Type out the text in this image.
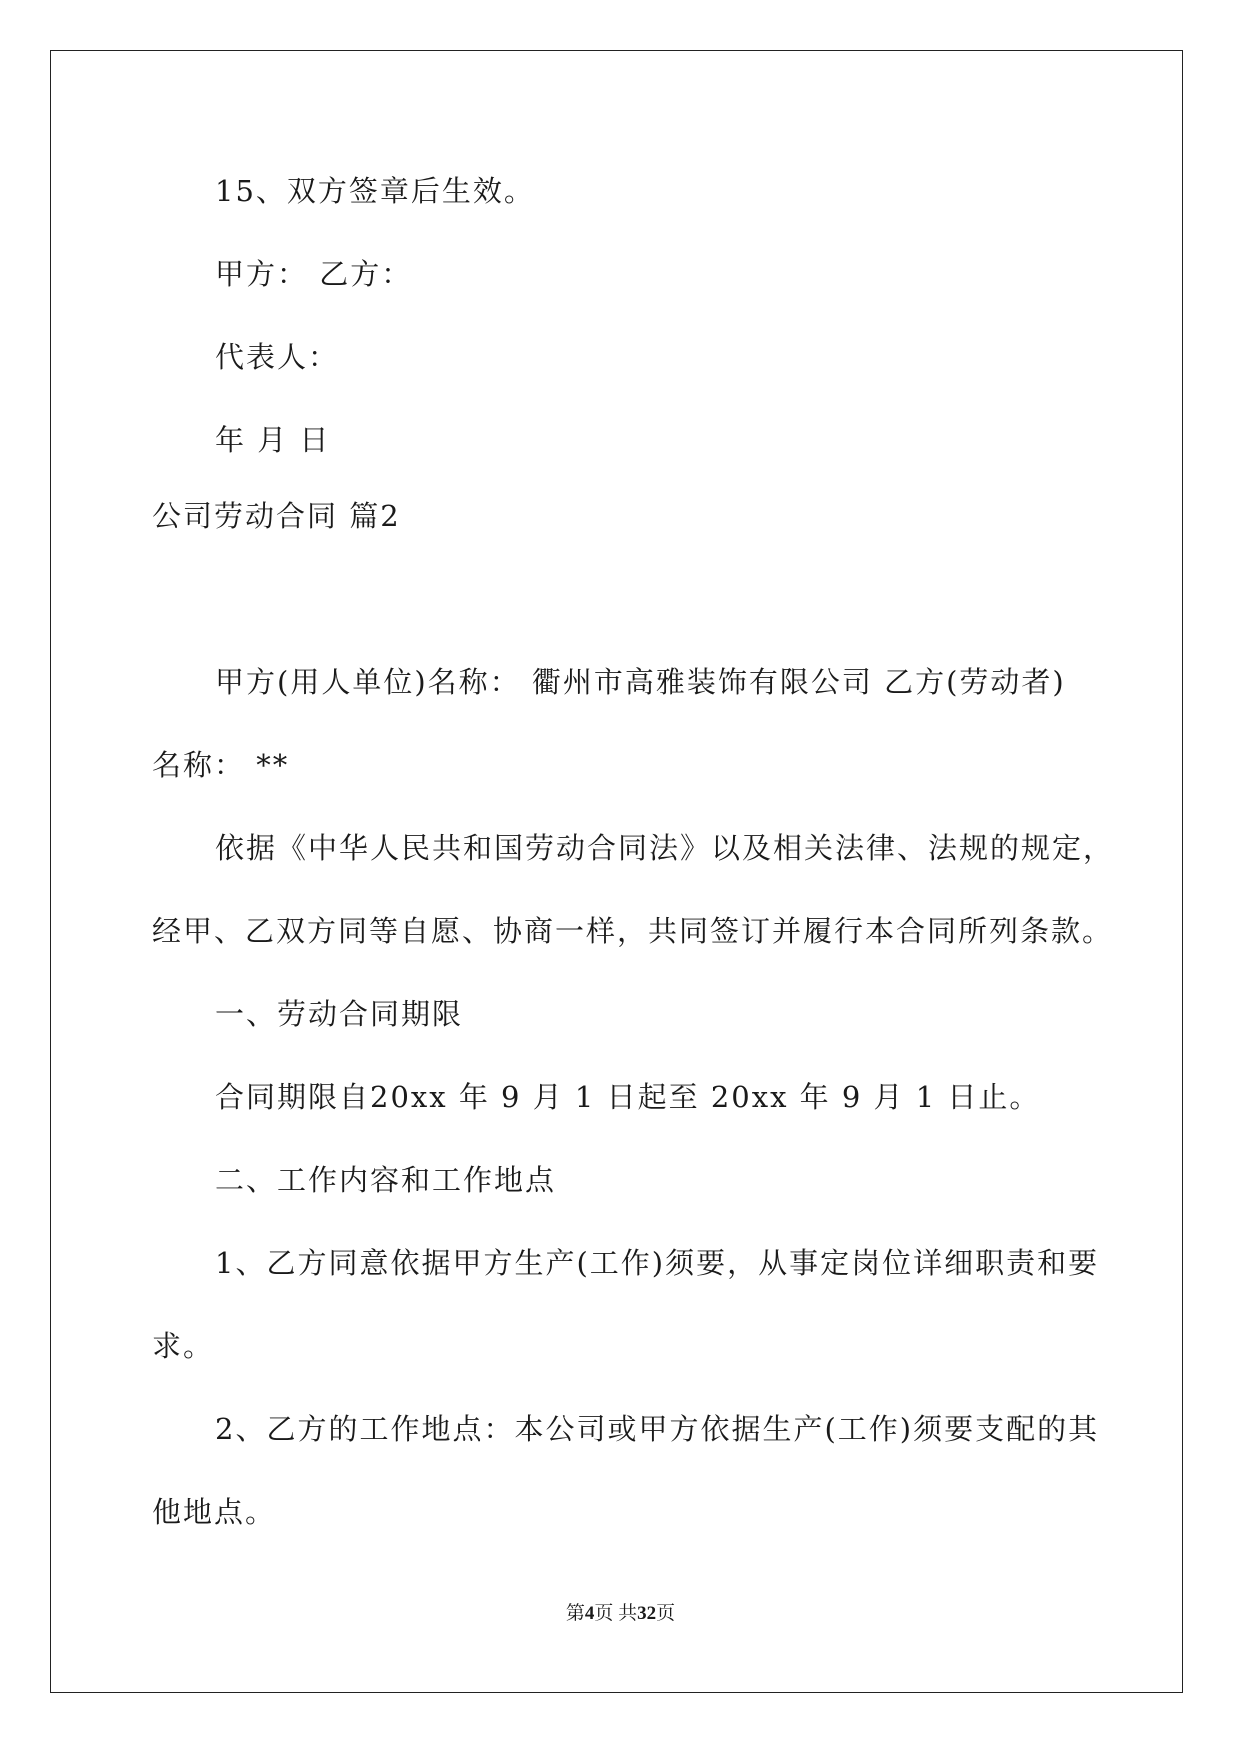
15、双方签章后生效。
甲方： 乙方：
代表人：
年 月 日
公司劳动合同 篇2
甲方(用人单位)名称： 衢州市高雅装饰有限公司 乙方(劳动者)
名称： **
依据《中华人民共和国劳动合同法》以及相关法律、法规的规定，
经甲、乙双方同等自愿、协商一样，共同签订并履行本合同所列条款。
一、劳动合同期限
合同期限自20xx 年 9 月 1 日起至 20xx 年 9 月 1 日止。
二、工作内容和工作地点
1、乙方同意依据甲方生产(工作)须要，从事定岗位详细职责和要
求。
2、乙方的工作地点：本公司或甲方依据生产(工作)须要支配的其
他地点。
第4页 共32页
